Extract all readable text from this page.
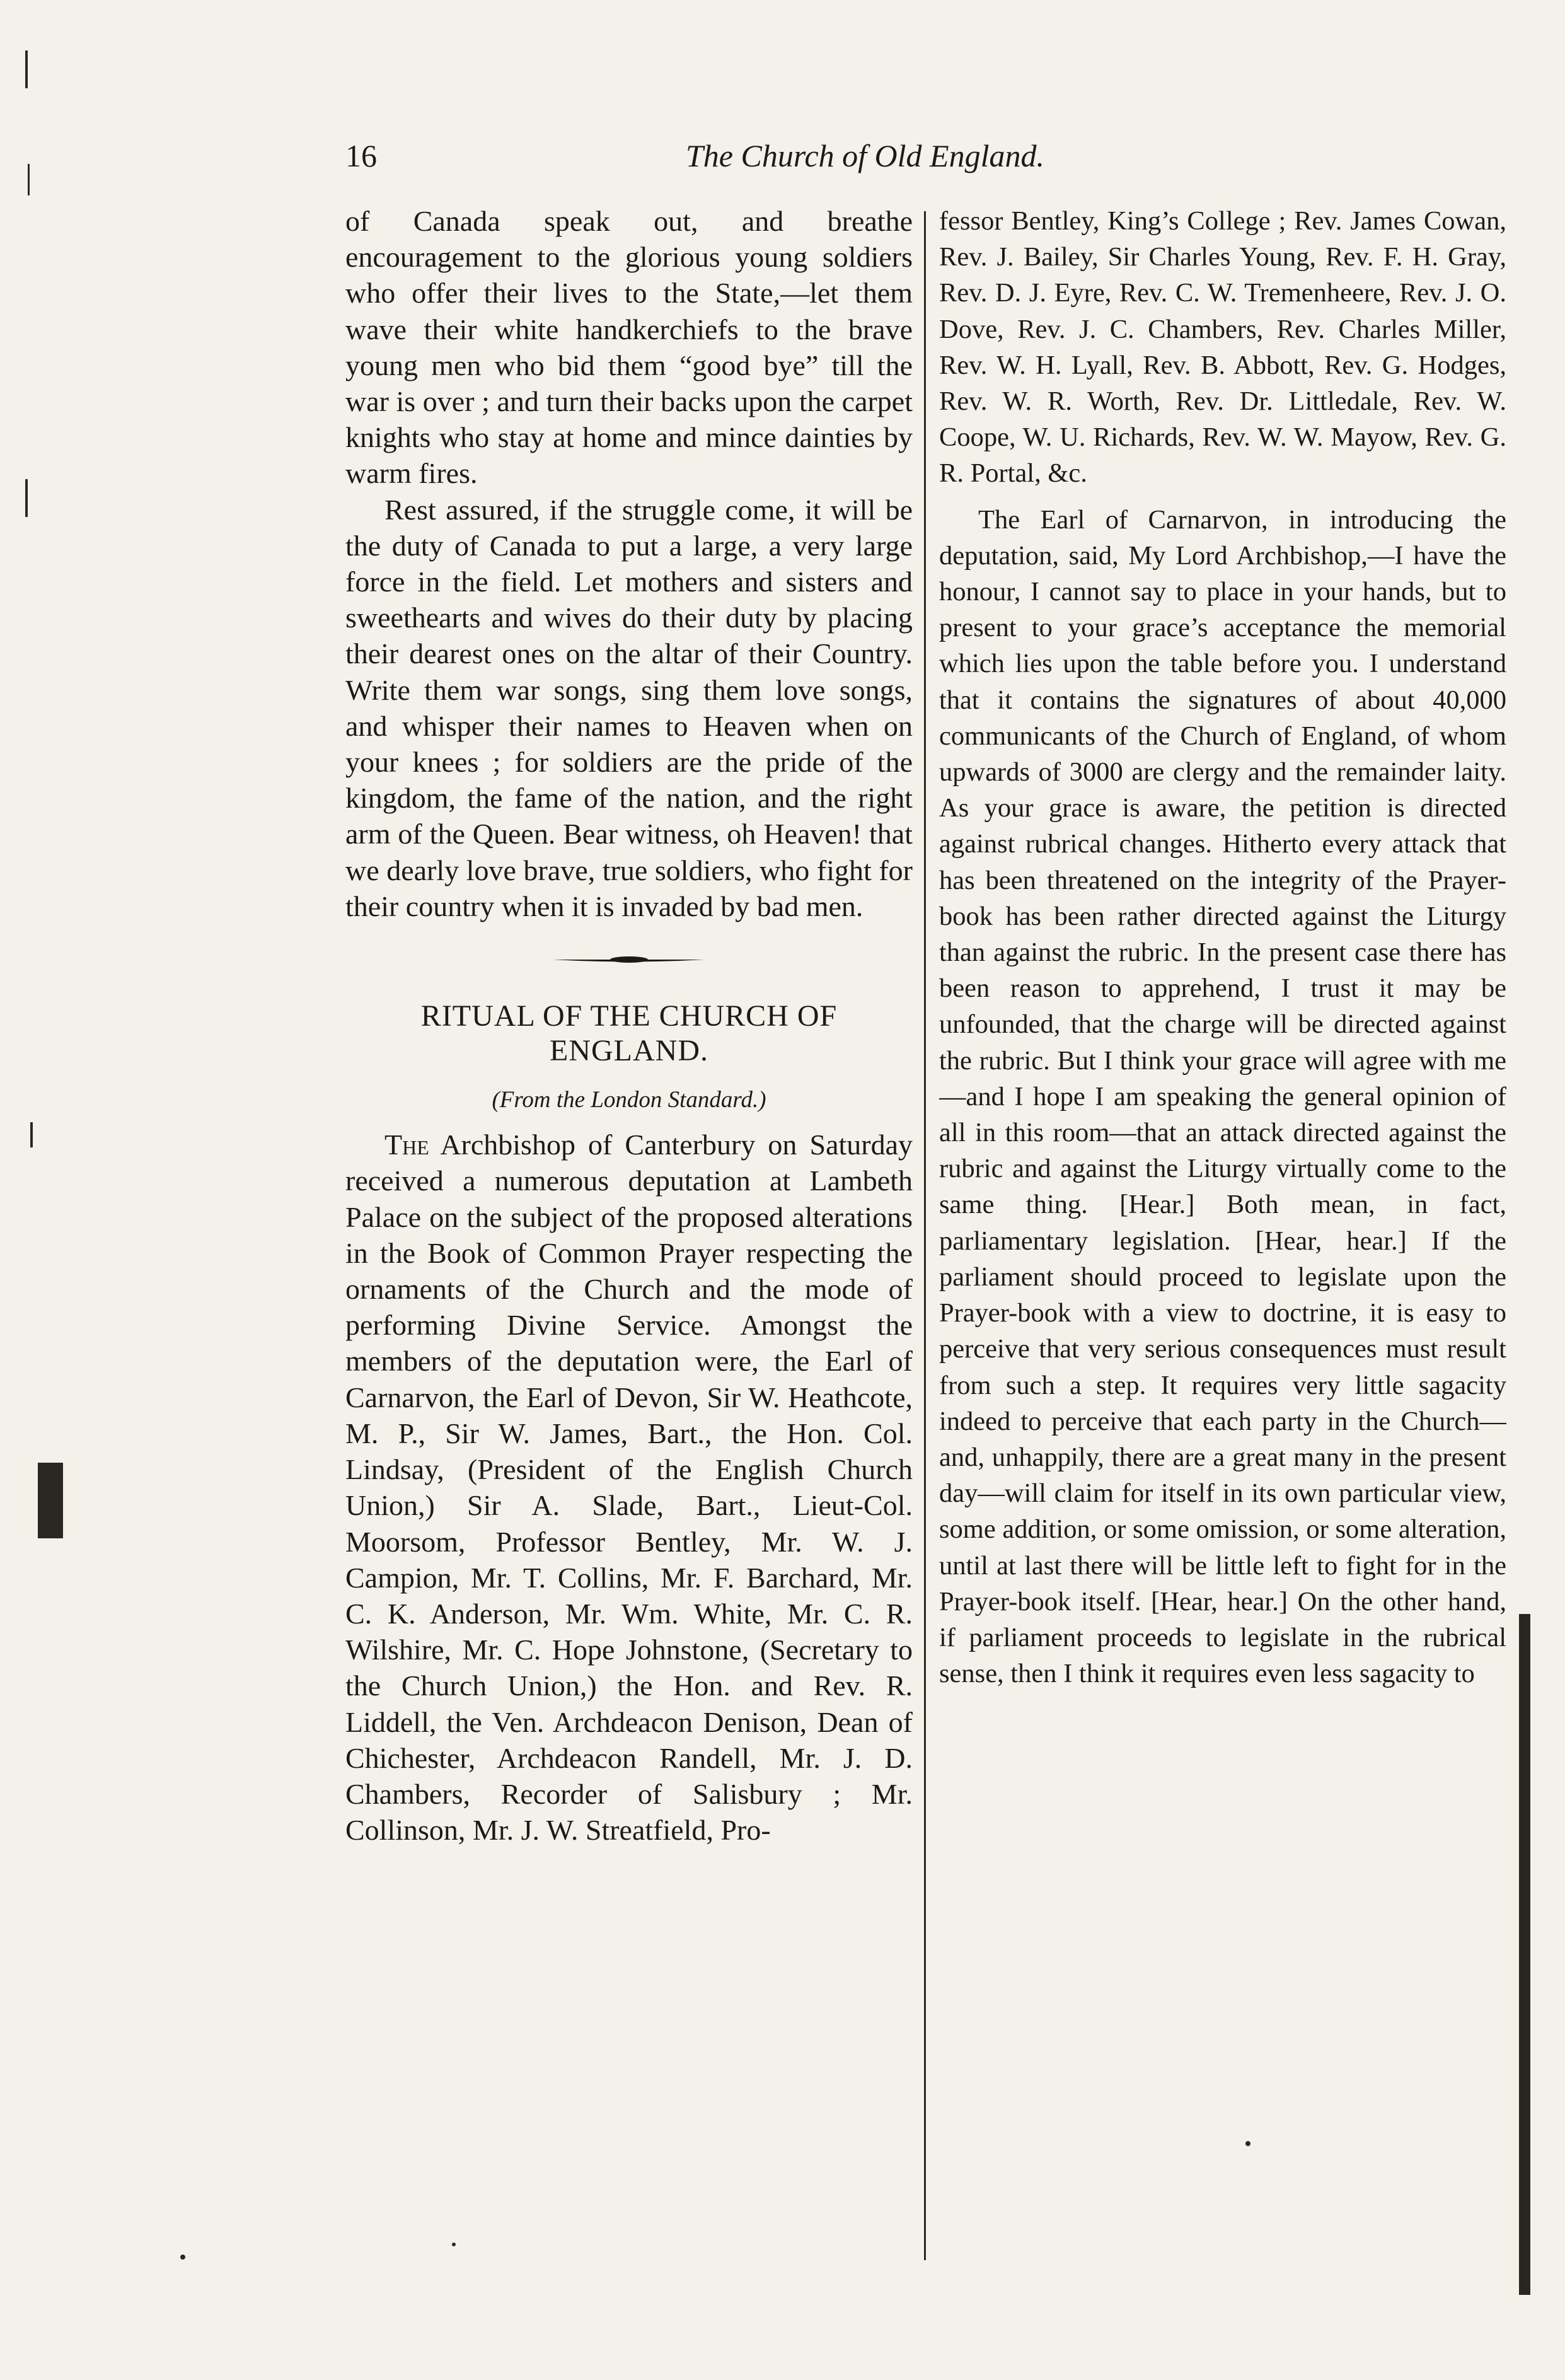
16	The Church of Old England.

of Canada speak out, and breathe encouragement to the glorious young soldiers who offer their lives to the State,—let them wave their white handkerchiefs to the brave young men who bid them “good bye” till the war is over ; and turn their backs upon the carpet knights who stay at home and mince dainties by warm fires.

Rest assured, if the struggle come, it will be the duty of Canada to put a large, a very large force in the field. Let mothers and sisters and sweethearts and wives do their duty by placing their dearest ones on the altar of their Country. Write them war songs, sing them love songs, and whisper their names to Heaven when on your knees ; for soldiers are the pride of the kingdom, the fame of the nation, and the right arm of the Queen. Bear witness, oh Heaven! that we dearly love brave, true soldiers, who fight for their country when it is invaded by bad men.

RITUAL OF THE CHURCH OF ENGLAND.

(From the London Standard.)

The Archbishop of Canterbury on Saturday received a numerous deputation at Lambeth Palace on the subject of the proposed alterations in the Book of Common Prayer respecting the ornaments of the Church and the mode of performing Divine Service. Amongst the members of the deputation were, the Earl of Carnarvon, the Earl of Devon, Sir W. Heathcote, M. P., Sir W. James, Bart., the Hon. Col. Lindsay, (President of the English Church Union,) Sir A. Slade, Bart., Lieut-Col. Moorsom, Professor Bentley, Mr. W. J. Campion, Mr. T. Collins, Mr. F. Barchard, Mr. C. K. Anderson, Mr. Wm. White, Mr. C. R. Wilshire, Mr. C. Hope Johnstone, (Secretary to the Church Union,) the Hon. and Rev. R. Liddell, the Ven. Archdeacon Denison, Dean of Chichester, Archdeacon Randell, Mr. J. D. Chambers, Recorder of Salisbury ; Mr. Collinson, Mr. J. W. Streatfield, Pro-

fessor Bentley, King’s College ; Rev. James Cowan, Rev. J. Bailey, Sir Charles Young, Rev. F. H. Gray, Rev. D. J. Eyre, Rev. C. W. Tremenheere, Rev. J. O. Dove, Rev. J. C. Chambers, Rev. Charles Miller, Rev. W. H. Lyall, Rev. B. Abbott, Rev. G. Hodges, Rev. W. R. Worth, Rev. Dr. Littledale, Rev. W. Coope, W. U. Richards, Rev. W. W. Mayow, Rev. G. R. Portal, &c.

The Earl of Carnarvon, in introducing the deputation, said, My Lord Archbishop,—I have the honour, I cannot say to place in your hands, but to present to your grace’s acceptance the memorial which lies upon the table before you. I understand that it contains the signatures of about 40,000 communicants of the Church of England, of whom upwards of 3000 are clergy and the remainder laity. As your grace is aware, the petition is directed against rubrical changes. Hitherto every attack that has been threatened on the integrity of the Prayer-book has been rather directed against the Liturgy than against the rubric. In the present case there has been reason to apprehend, I trust it may be unfounded, that the charge will be directed against the rubric. But I think your grace will agree with me—and I hope I am speaking the general opinion of all in this room—that an attack directed against the rubric and against the Liturgy virtually come to the same thing. [Hear.] Both mean, in fact, parliamentary legislation. [Hear, hear.] If the parliament should proceed to legislate upon the Prayer-book with a view to doctrine, it is easy to perceive that very serious consequences must result from such a step. It requires very little sagacity indeed to perceive that each party in the Church—and, unhappily, there are a great many in the present day—will claim for itself in its own particular view, some addition, or some omission, or some alteration, until at last there will be little left to fight for in the Prayer-book itself. [Hear, hear.] On the other hand, if parliament proceeds to legislate in the rubrical sense, then I think it requires even less sagacity to
